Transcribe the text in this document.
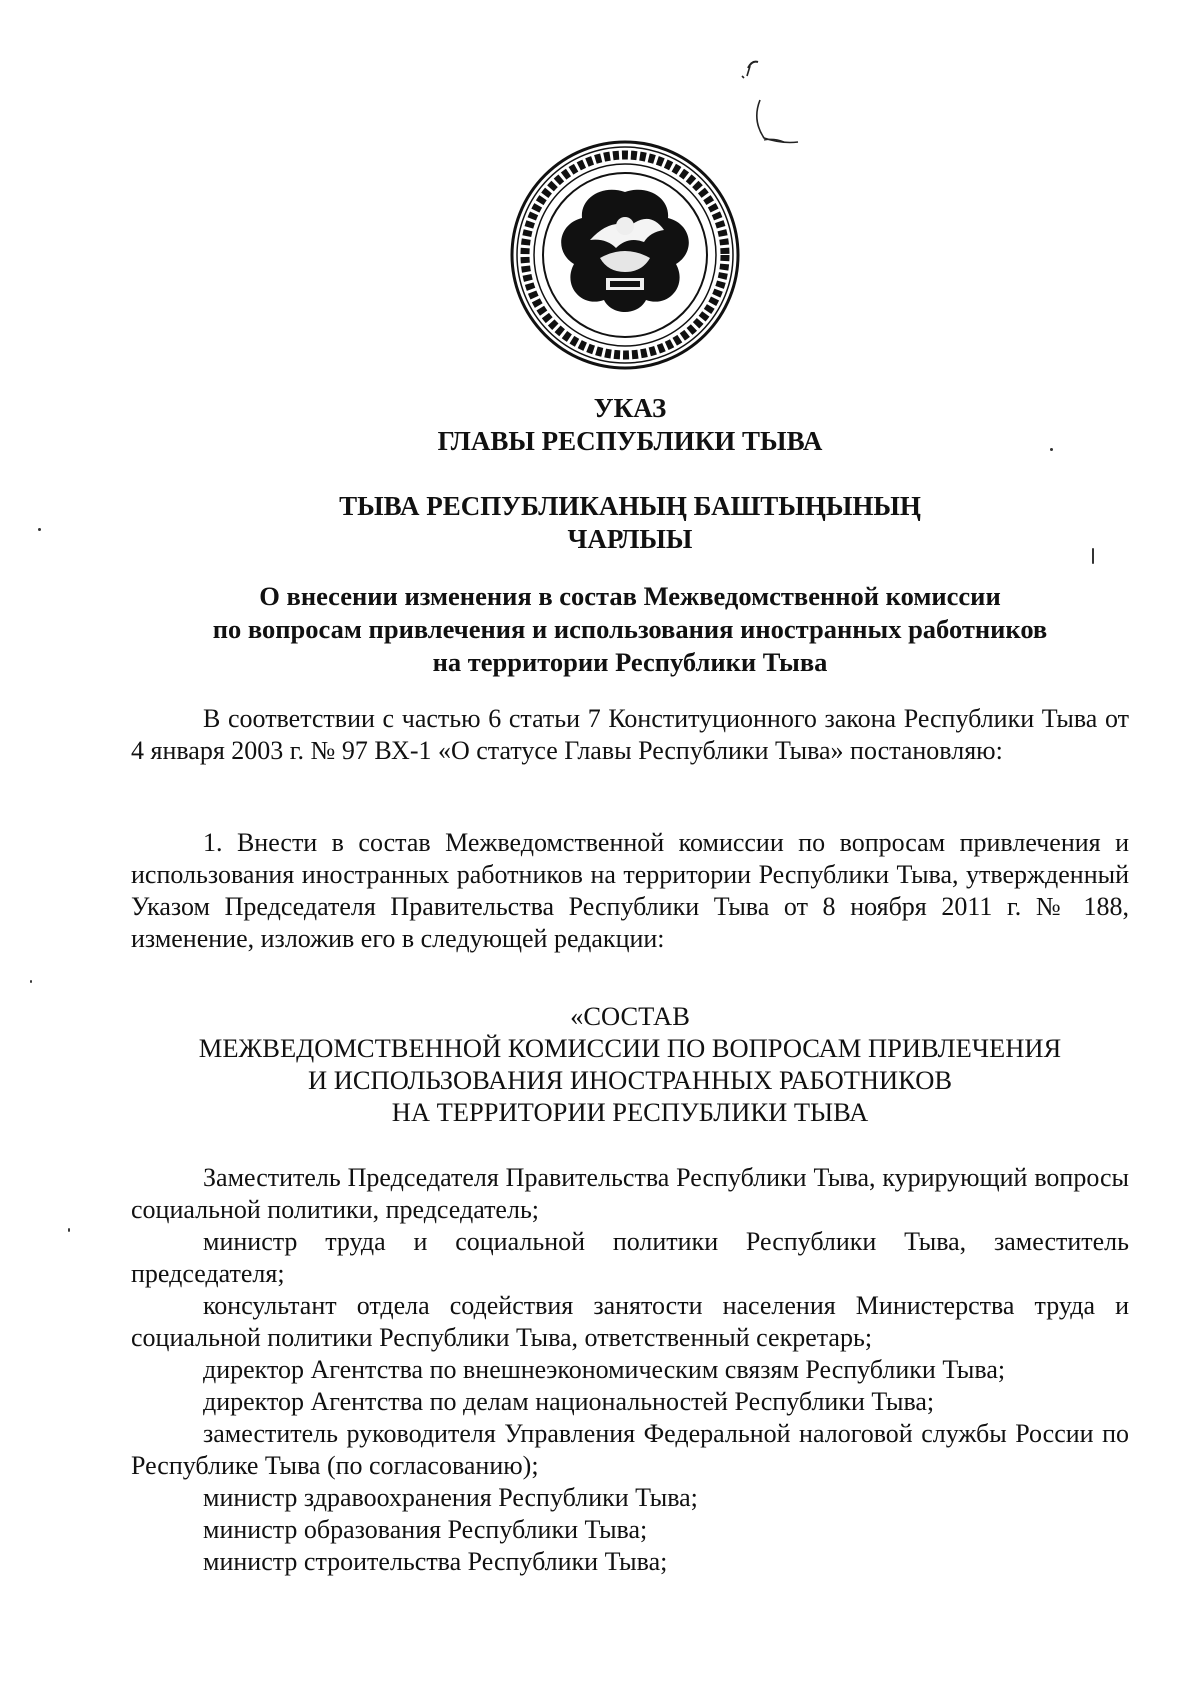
УКАЗ
ГЛАВЫ РЕСПУБЛИКИ ТЫВА
ТЫВА РЕСПУБЛИКАНЫҢ БАШТЫҢЫНЫҢ
ЧАРЛЫЫ
О внесении изменения в состав Межведомственной комиссии
по вопросам привлечения и использования иностранных работников
на территории Республики Тыва

В соответствии с частью 6 статьи 7 Конституционного закона Республики Тыва от 4 января 2003 г. № 97 ВХ-1 «О статусе Главы Республики Тыва» постановляю:

1. Внести в состав Межведомственной комиссии по вопросам привлечения и использования иностранных работников на территории Республики Тыва, утвержденный Указом Председателя Правительства Республики Тыва от 8 ноября 2011 г. № 188, изменение, изложив его в следующей редакции:

«СОСТАВ
МЕЖВЕДОМСТВЕННОЙ КОМИССИИ ПО ВОПРОСАМ ПРИВЛЕЧЕНИЯ
И ИСПОЛЬЗОВАНИЯ ИНОСТРАННЫХ РАБОТНИКОВ
НА ТЕРРИТОРИИ РЕСПУБЛИКИ ТЫВА
Заместитель Председателя Правительства Республики Тыва, курирующий вопросы социальной политики, председатель;
министр труда и социальной политики Республики Тыва, заместитель председателя;
консультант отдела содействия занятости населения Министерства труда и социальной политики Республики Тыва, ответственный секретарь;
директор Агентства по внешнеэкономическим связям Республики Тыва;
директор Агентства по делам национальностей Республики Тыва;
заместитель руководителя Управления Федеральной налоговой службы России по Республике Тыва (по согласованию);
министр здравоохранения Республики Тыва;
министр образования Республики Тыва;
министр строительства Республики Тыва;
